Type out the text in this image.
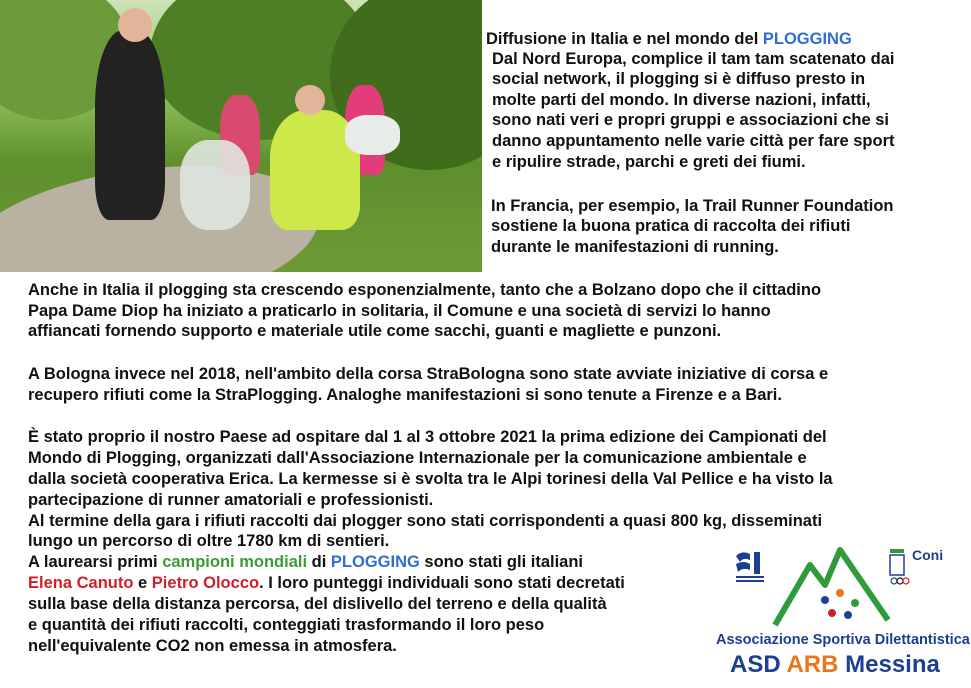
Diffusione in Italia e nel mondo del PLOGGING
Dal Nord Europa, complice il tam tam scatenato dai
social network, il plogging si è diffuso presto in
molte parti del mondo. In diverse nazioni, infatti,
sono nati veri e propri gruppi e associazioni che si
danno appuntamento nelle varie città per fare sport
e ripulire strade, parchi e greti dei fiumi.
In Francia, per esempio, la Trail Runner Foundation
sostiene la buona pratica di raccolta dei rifiuti
durante le manifestazioni di running.
Anche in Italia il plogging sta crescendo esponenzialmente, tanto che a Bolzano dopo che il cittadino
Papa Dame Diop ha iniziato a praticarlo in solitaria, il Comune e una società di servizi lo hanno
affiancati fornendo supporto e materiale utile come sacchi, guanti e magliette e punzoni.
A Bologna invece nel 2018, nell'ambito della corsa StraBologna sono state avviate iniziative di corsa e
recupero rifiuti come la StraPlogging. Analoghe manifestazioni si sono tenute a Firenze e a Bari.
È stato proprio il nostro Paese ad ospitare dal 1 al 3 ottobre 2021 la prima edizione dei Campionati del
Mondo di Plogging, organizzati dall'Associazione Internazionale per la comunicazione ambientale e
dalla società cooperativa Erica. La kermesse si è svolta tra le Alpi torinesi della Val Pellice e ha visto la
partecipazione di runner amatoriali e professionisti.
Al termine della gara i rifiuti raccolti dai plogger sono stati corrispondenti a quasi 800 kg, disseminati
lungo un percorso di oltre 1780 km di sentieri.
A laurearsi primi campioni mondiali di PLOGGING sono stati gli italiani
Elena Canuto e Pietro Olocco. I loro punteggi individuali sono stati decretati
sulla base della distanza percorsa, del dislivello del terreno e della qualità
e quantità dei rifiuti raccolti, conteggiati trasformando il loro peso
nell'equivalente CO2 non emessa in atmosfera.
Coni
Associazione Sportiva Dilettantistica
ASD ARB Messina
